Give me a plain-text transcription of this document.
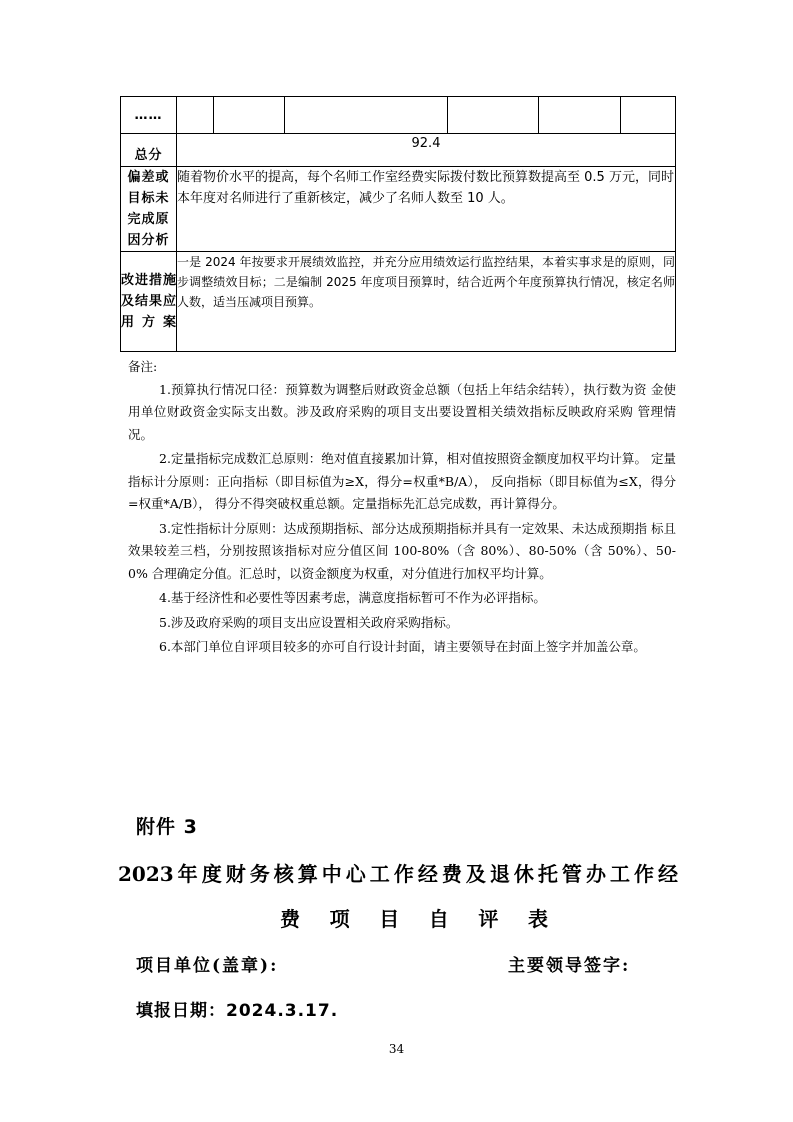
……						
总分	92.4					
偏差或目标未完成原因分析	随着物价水平的提高，每个名师工作室经费实际拨付数比预算数提高至 0.5 万元，同时本年度对名师进行了重新核定，减少了名师人数至 10 人。					
改进措施及结果应用方案	一是 2024 年按要求开展绩效监控，并充分应用绩效运行监控结果，本着实事求是的原则，同步调整绩效目标；二是编制 2025 年度项目预算时，结合近两个年度预算执行情况，核定名师人数，适当压减项目预算。					
备注:

1.预算执行情况口径：预算数为调整后财政资金总额（包括上年结余结转），执行数为资 金使用单位财政资金实际支出数。涉及政府采购的项目支出要设置相关绩效指标反映政府采购 管理情况。

2.定量指标完成数汇总原则：绝对值直接累加计算，相对值按照资金额度加权平均计算。 定量指标计分原则：正向指标（即目标值为≥X，得分=权重*B/A）， 反向指标（即目标值为≤X，得分=权重*A/B）， 得分不得突破权重总额。定量指标先汇总完成数，再计算得分。

3.定性指标计分原则：达成预期指标、部分达成预期指标并具有一定效果、未达成预期指 标且效果较差三档，分别按照该指标对应分值区间 100-80%（含 80%）、80-50%（含 50%）、50-0% 合理确定分值。汇总时，以资金额度为权重，对分值进行加权平均计算。

4.基于经济性和必要性等因素考虑，满意度指标暂可不作为必评指标。

5.涉及政府采购的项目支出应设置相关政府采购指标。

6.本部门单位自评项目较多的亦可自行设计封面，请主要领导在封面上签字并加盖公章。

附件 3
2023年度财务核算中心工作经费及退休托管办工作经
费项目自评表
项目单位(盖章):	主要领导签字:
填报日期：2024.3.17.
34
